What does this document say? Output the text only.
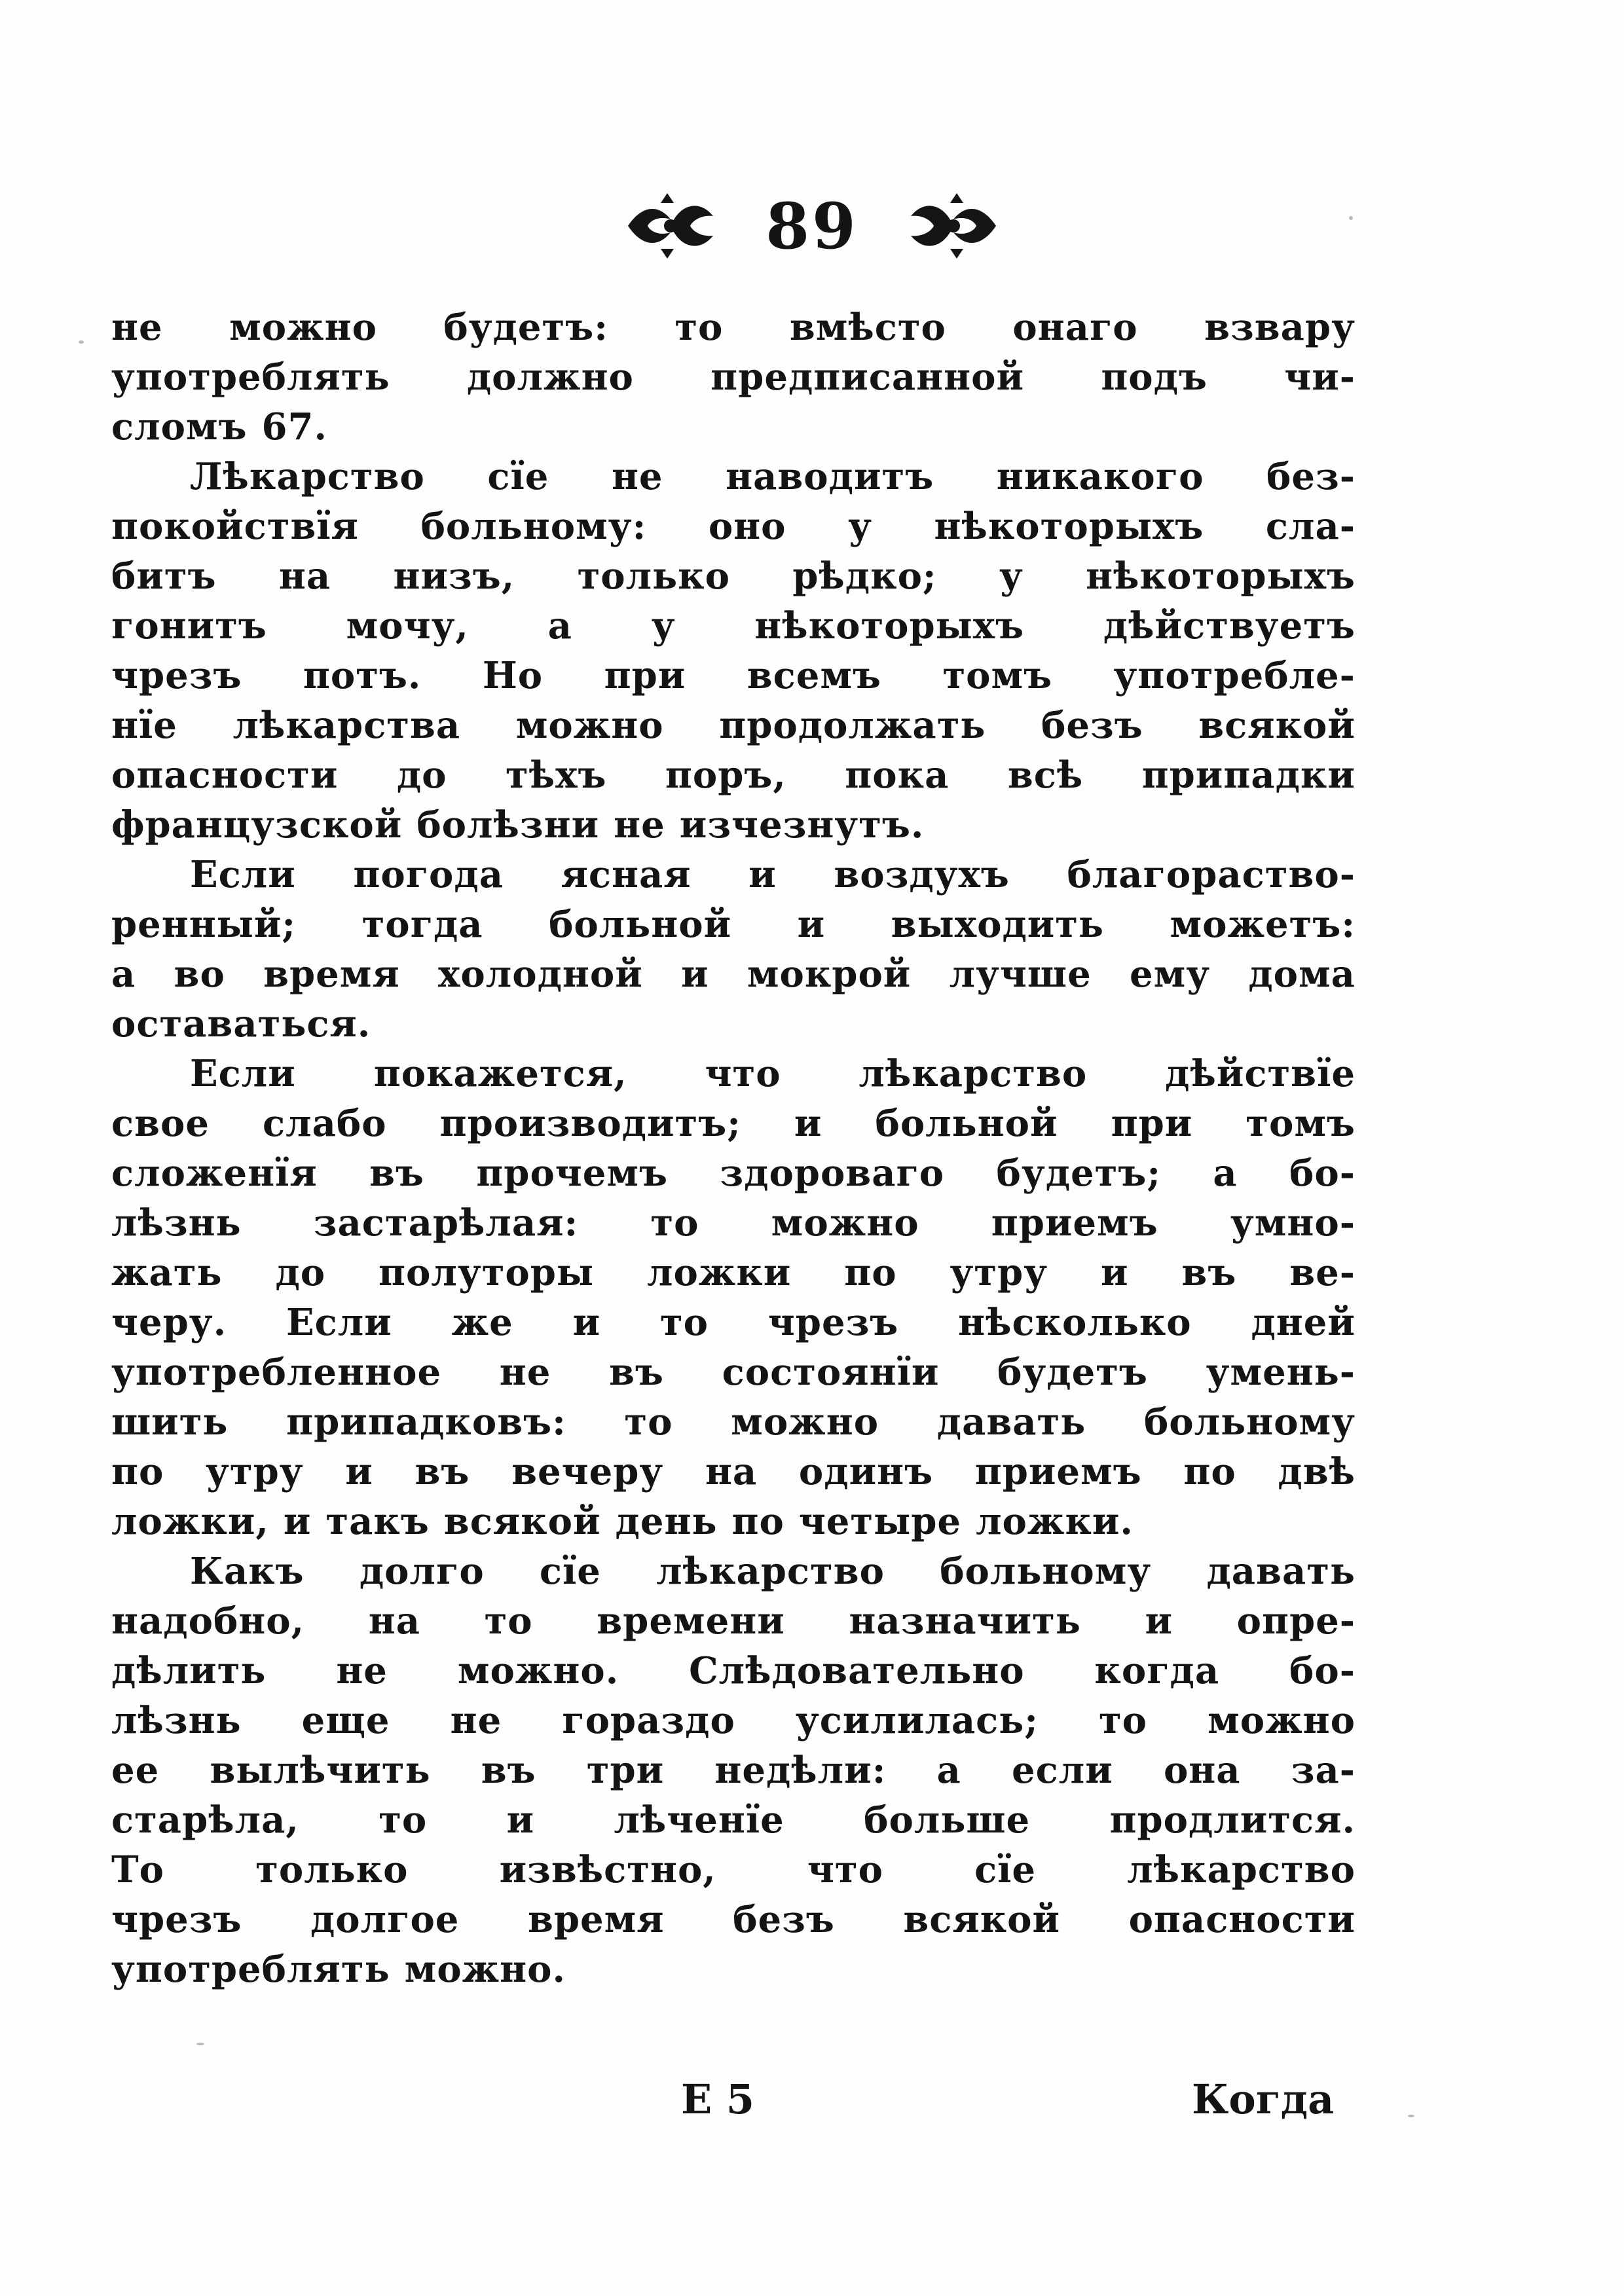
89
не можно будетъ: то вмѣсто онаго взвару
употреблять должно предписанной подъ чи-
сломъ 67.
Лѣкарство сїе не наводитъ никакого без-
покойствїя больному: оно у нѣкоторыхъ сла-
битъ на низъ, только рѣдко; у нѣкоторыхъ
гонитъ мочу, а у нѣкоторыхъ дѣйствуетъ
чрезъ потъ. Но при всемъ томъ употребле-
нїе лѣкарства можно продолжать безъ всякой
опасности до тѣхъ поръ, пока всѣ припадки
французской болѣзни не изчезнутъ.
Если погода ясная и воздухъ благораство-
ренный; тогда больной и выходить можетъ:
а во время холодной и мокрой лучше ему дома
оставаться.
Если покажется, что лѣкарство дѣйствїе
свое слабо производитъ; и больной при томъ
сложенїя въ прочемъ здороваго будетъ; а бо-
лѣзнь застарѣлая: то можно приемъ умно-
жать до полуторы ложки по утру и въ ве-
черу. Если же и то чрезъ нѣсколько дней
употребленное не въ состоянїи будетъ умень-
шить припадковъ: то можно давать больному
по утру и въ вечеру на одинъ приемъ по двѣ
ложки, и такъ всякой день по четыре ложки.
Какъ долго сїе лѣкарство больному давать
надобно, на то времени назначить и опре-
дѣлить не можно. Слѣдовательно когда бо-
лѣзнь еще не гораздо усилилась; то можно
ее вылѣчить въ три недѣли: а если она за-
старѣла, то и лѣченїе больше продлится.
То только извѣстно, что сїе лѣкарство
чрезъ долгое время безъ всякой опасности
употреблять можно.
E 5	Когда
